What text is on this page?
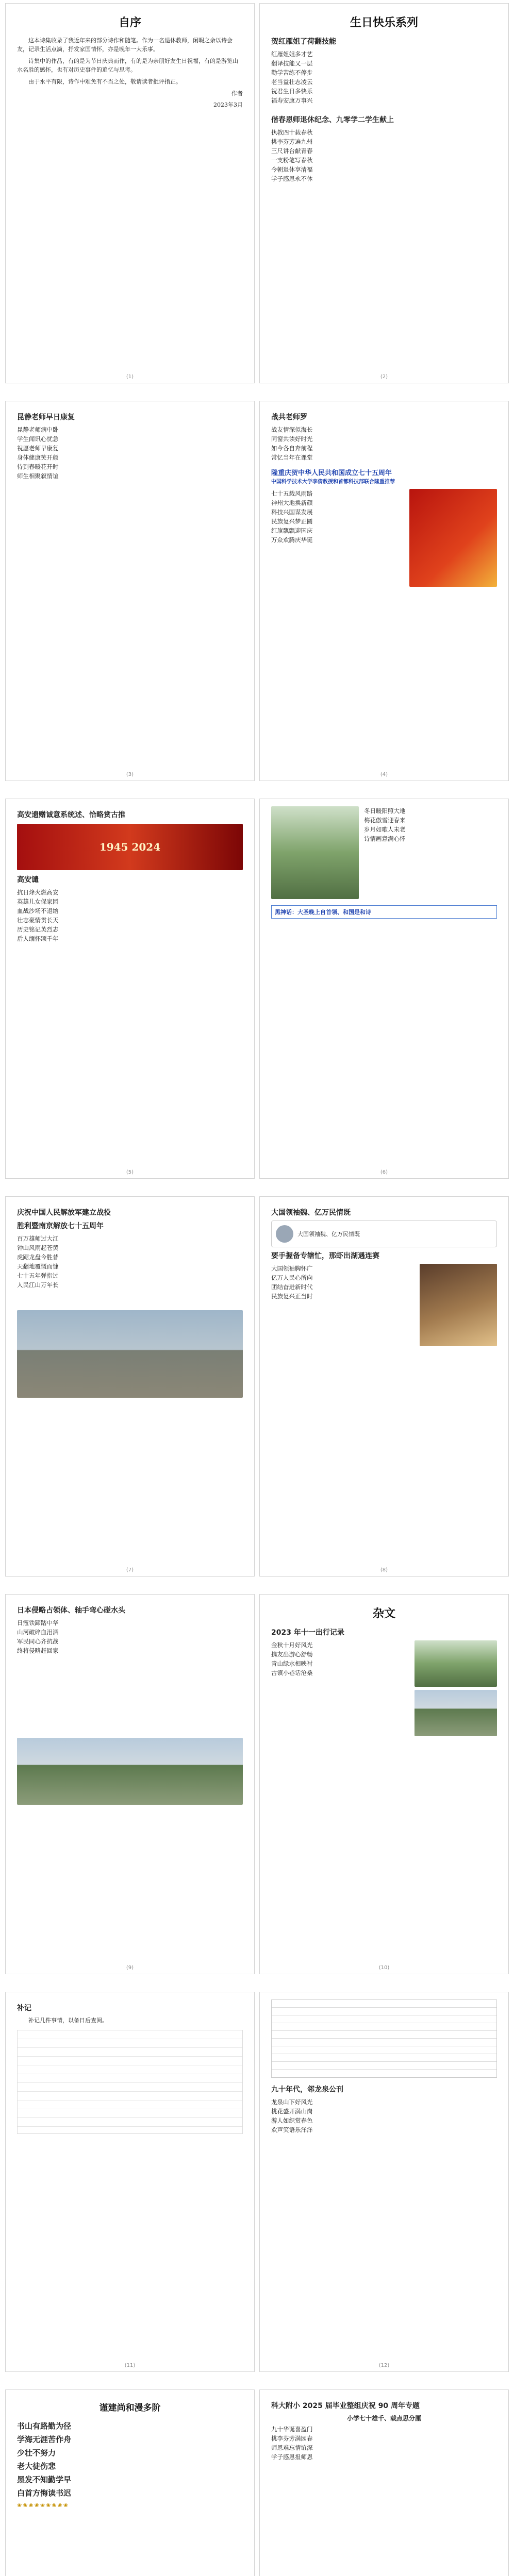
自序

这本诗集收录了我近年来的部分诗作和随笔。作为一名退休教师，闲暇之余以诗会友，记录生活点滴，抒发家国情怀，亦是晚年一大乐事。

诗集中的作品，有的是为节日庆典而作，有的是为亲朋好友生日祝福，有的是游览山水名胜的感怀，也有对历史事件的追忆与思考。

由于水平有限，诗作中难免有不当之处，敬请读者批评指正。

作者
2023年3月
(1)
生日快乐系列
贺红雁姐了荷翻技能
红雁姐姐多才艺
翻译技能又一层
勤学苦练不停步
老当益壮志凌云
祝君生日多快乐
福寿安康万事兴
偕春恩师退休纪念、九零学二学生献上
执教四十载春秋
桃李芬芳遍九州
三尺讲台献青春
一支粉笔写春秋
今朝退休享清福
学子感恩永不休
(2)
昆静老师早日康复
昆静老师病中卧
学生闻讯心忧急
祝愿老师早康复
身体健康笑开颜
待到春暖花开时
师生相聚叙情谊
(3)
战共老师罗
战友情深似海长
同窗共读好时光
如今各自奔前程
常忆当年在课堂
隆重庆贺中华人民共和国成立七十五周年
中国科学技术大学李倩教授和首都科技部联合隆重推荐
七十五载风雨路
神州大地换新颜
科技兴国谋发展
民族复兴梦正圆
红旗飘飘迎国庆
万众欢腾庆华诞
(4)
高安遗赠诚意系统述、恰略赏古推
1945 2024
高安谴
抗日烽火燃高安
英雄儿女保家园
血战沙场不退缩
壮志豪情贯长天
历史铭记英烈志
后人缅怀颂千年
(5)
冬日暖阳照大地
梅花傲雪迎春来
岁月如歌人未老
诗情画意满心怀
黑神话：大圣晚上自首领、和国是和诗
(6)
庆祝中国人民解放军建立战役
胜利暨南京解放七十五周年
百万雄师过大江
钟山风雨起苍黄
虎踞龙盘今胜昔
天翻地覆慨而慷
七十五年弹指过
人民江山万年长
(7)
大国领袖魏、亿万民情既
大国领袖魏、亿万民情既
要手握备专辖忙，那虾出湖遇连赛
大国领袖胸怀广
亿万人民心所向
团结奋进新时代
民族复兴正当时
(8)
日本侵略占领体、轴手弯心碰水头
日寇铁蹄踏中华
山河破碎血泪洒
军民同心齐抗战
终将侵略赶回家
(9)
杂文
2023 年十一出行记录
金秋十月好风光
携友出游心舒畅
青山绿水相映衬
古镇小巷话沧桑
(10)
补记

补记几件事情，以备日后查阅。

(11)
九十年代，邻龙泉公刊
龙泉山下好风光
桃花盛开满山岗
游人如织赏春色
欢声笑语乐洋洋
(12)
谨建尚和漫多阶
书山有路勤为径
学海无涯苦作舟
少壮不努力
老大徒伤悲
黑发不知勤学早
白首方悔读书迟
❀❀❀❀❀❀❀❀❀
科大附小 2025 届毕业整组庆祝 90 周年专题
小学七十雄千、载点思分厘
九十华诞喜盈门
桃李芬芳满园春
师恩难忘情谊深
学子感恩报师恩
